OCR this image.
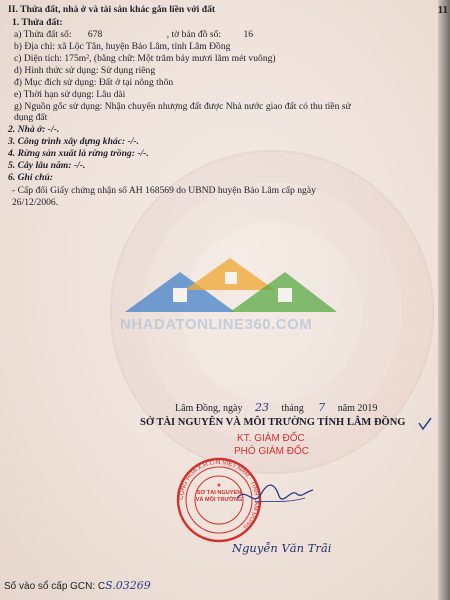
II. Thửa đất, nhà ở và tài sản khác gắn liền với đất
1. Thửa đất:
a) Thửa đất số: 678	, tờ bản đồ số: 16
b) Địa chỉ: xã Lộc Tân, huyện Bảo Lâm, tỉnh Lâm Đồng
c) Diện tích: 175m², (bằng chữ: Một trăm bảy mươi lăm mét vuông)
d) Hình thức sử dụng: Sử dụng riêng
đ) Mục đích sử dụng: Đất ở tại nông thôn
e) Thời hạn sử dụng: Lâu dài
g) Nguồn gốc sử dụng: Nhận chuyển nhượng đất được Nhà nước giao đất có thu tiền sử
dụng đất
2. Nhà ở: -/-.
3. Công trình xây dựng khác: -/-.
4. Rừng sản xuất là rừng trồng: -/-.
5. Cây lâu năm: -/-.
6. Ghi chú:
- Cấp đổi Giấy chứng nhận số AH 168569 do UBND huyện Bảo Lâm cấp ngày
26/12/2006.
NHADATONLINE360.COM
Lâm Đồng, ngày 23 tháng 7 năm 2019
SỞ TÀI NGUYÊN VÀ MÔI TRƯỜNG TỈNH LÂM ĐỒNG
KT. GIÁM ĐỐC
PHÓ GIÁM ĐỐC
CỘNG HÒA X.H.C.N VIỆT NAM · TỈNH LÂM ĐỒNG
★
SỞ TÀI NGUYÊN VÀ MÔI TRƯỜNG
Nguyễn Văn Trãi
Số vào sổ cấp GCN: CS.03269
11
